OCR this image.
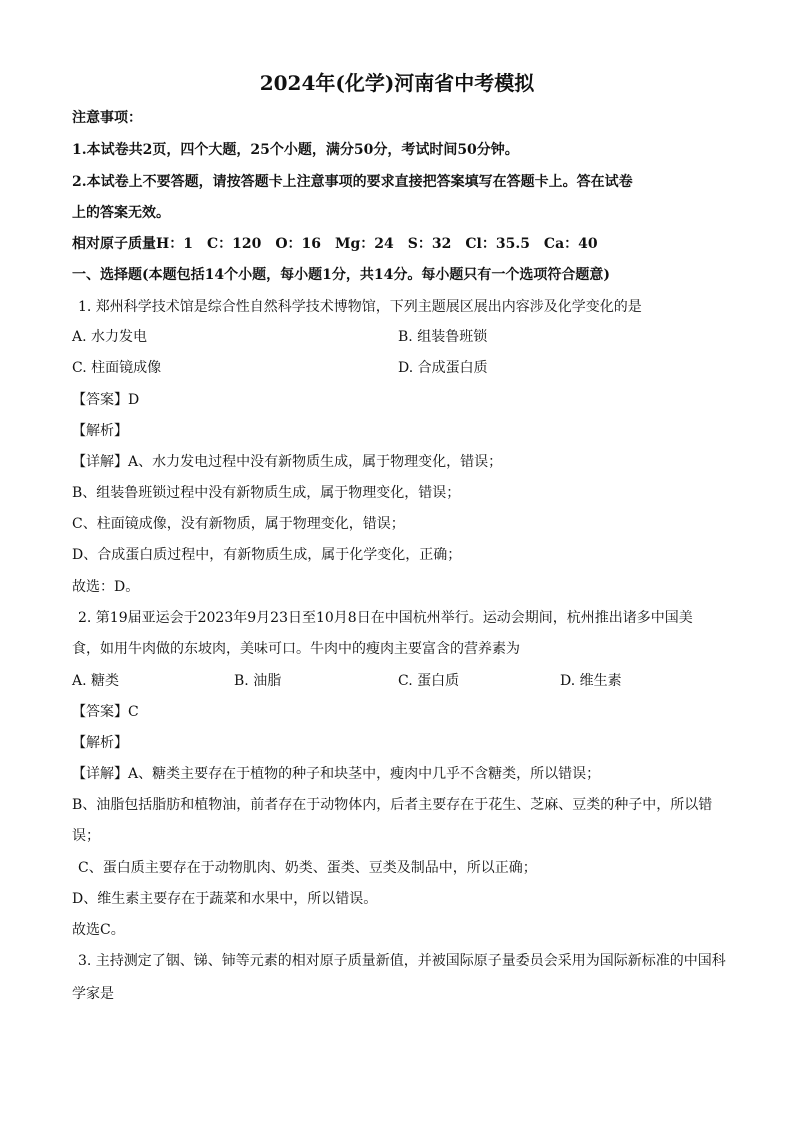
2024年(化学)河南省中考模拟
注意事项：
1.本试卷共2页，四个大题，25个小题，满分50分，考试时间50分钟。
2.本试卷上不要答题，请按答题卡上注意事项的要求直接把答案填写在答题卡上。答在试卷
上的答案无效。
相对原子质量H：1　C：120　O：16　Mg：24　S：32　Cl：35.5　Ca：40
一、选择题(本题包括14个小题，每小题1分，共14分。每小题只有一个选项符合题意)
1. 郑州科学技术馆是综合性自然科学技术博物馆，下列主题展区展出内容涉及化学变化的是
A. 水力发电	B. 组装鲁班锁
C. 柱面镜成像	D. 合成蛋白质
【答案】D
【解析】
【详解】A、水力发电过程中没有新物质生成，属于物理变化，错误；
B、组装鲁班锁过程中没有新物质生成，属于物理变化，错误；
C、柱面镜成像，没有新物质，属于物理变化，错误；
D、合成蛋白质过程中，有新物质生成，属于化学变化，正确；
故选：D。
2. 第19届亚运会于2023年9月23日至10月8日在中国杭州举行。运动会期间，杭州推出诸多中国美
食，如用牛肉做的东坡肉，美味可口。牛肉中的瘦肉主要富含的营养素为
A. 糖类	B. 油脂	C. 蛋白质	D. 维生素
【答案】C
【解析】
【详解】A、糖类主要存在于植物的种子和块茎中，瘦肉中几乎不含糖类，所以错误；
B、油脂包括脂肪和植物油，前者存在于动物体内，后者主要存在于花生、芝麻、豆类的种子中，所以错
误；
C、蛋白质主要存在于动物肌肉、奶类、蛋类、豆类及制品中，所以正确；
D、维生素主要存在于蔬菜和水果中，所以错误。
故选C。
3. 主持测定了铟、锑、铈等元素的相对原子质量新值，并被国际原子量委员会采用为国际新标准的中国科
学家是
